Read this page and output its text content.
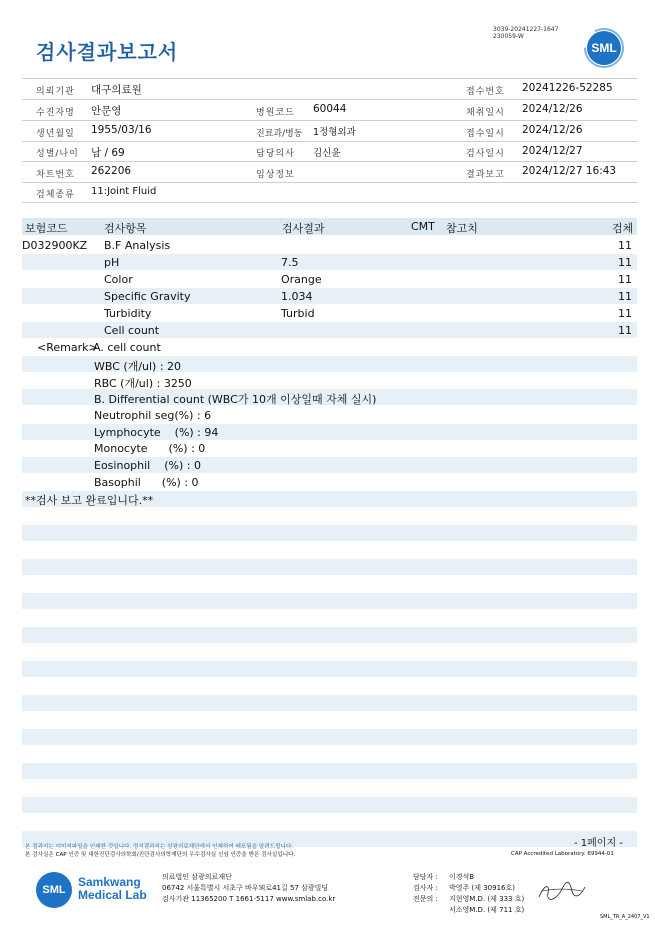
검사결과보고서
3039-20241227-1647
230059-W
SML
의뢰기관 대구의료원	접수번호 20241226-52285
수진자명 안문영	병원코드 60044	채취일시 2024/12/26
생년월일 1955/03/16	진료과/병동 1정형외과	접수일시 2024/12/26
성별/나이 남 / 69	담당의사 김신윤	검사일시 2024/12/27
차트번호 262206	임상정보	결과보고 2024/12/27 16:43
검체종류 11:Joint Fluid
보험코드	검사항목	검사결과	CMT 참고치	검체
D032900KZ B.F Analysis	11
pH	7.5	11
Color	Orange	11
Specific Gravity	1.034	11
Turbidity	Turbid	11
Cell count	11
<Remark>
A. cell count
WBC (개/ul) : 20
RBC (개/ul) : 3250
B. Differential count (WBC가 10개 이상일때 자체 실시)
Neutrophil seg(%) : 6
Lymphocyte    (%) : 94
Monocyte      (%) : 0
Eosinophil    (%) : 0
Basophil      (%) : 0
**검사 보고 완료입니다.**
본 결과지는 이미지파일을 인쇄한 것입니다. 정식결과지는 삼광의료재단에서 인쇄하여 배포됨을 알려드립니다.
본 검사실은 CAP 인증 및 대한진단검사의학회/진단검사의학재단의 우수검사실 신임 인증을 받은 검사실입니다.
- 1페이지 -
CAP Accredited Laboratory. 69944-01
SML
Samkwang
Medical Lab
의료법인 삼광의료재단
06742 서울특별시 서초구 바우뫼로41길 57 삼광빌딩
검사기관 11365200 T 1661-5117 www.smlab.co.kr
담당자 : 이경석B
검사자 : 박영주 (제 30916호)
전문의 : 지현영M.D. (제 333 호)
서소영M.D. (제 711 호)
SML_TR_A_2407_V1
